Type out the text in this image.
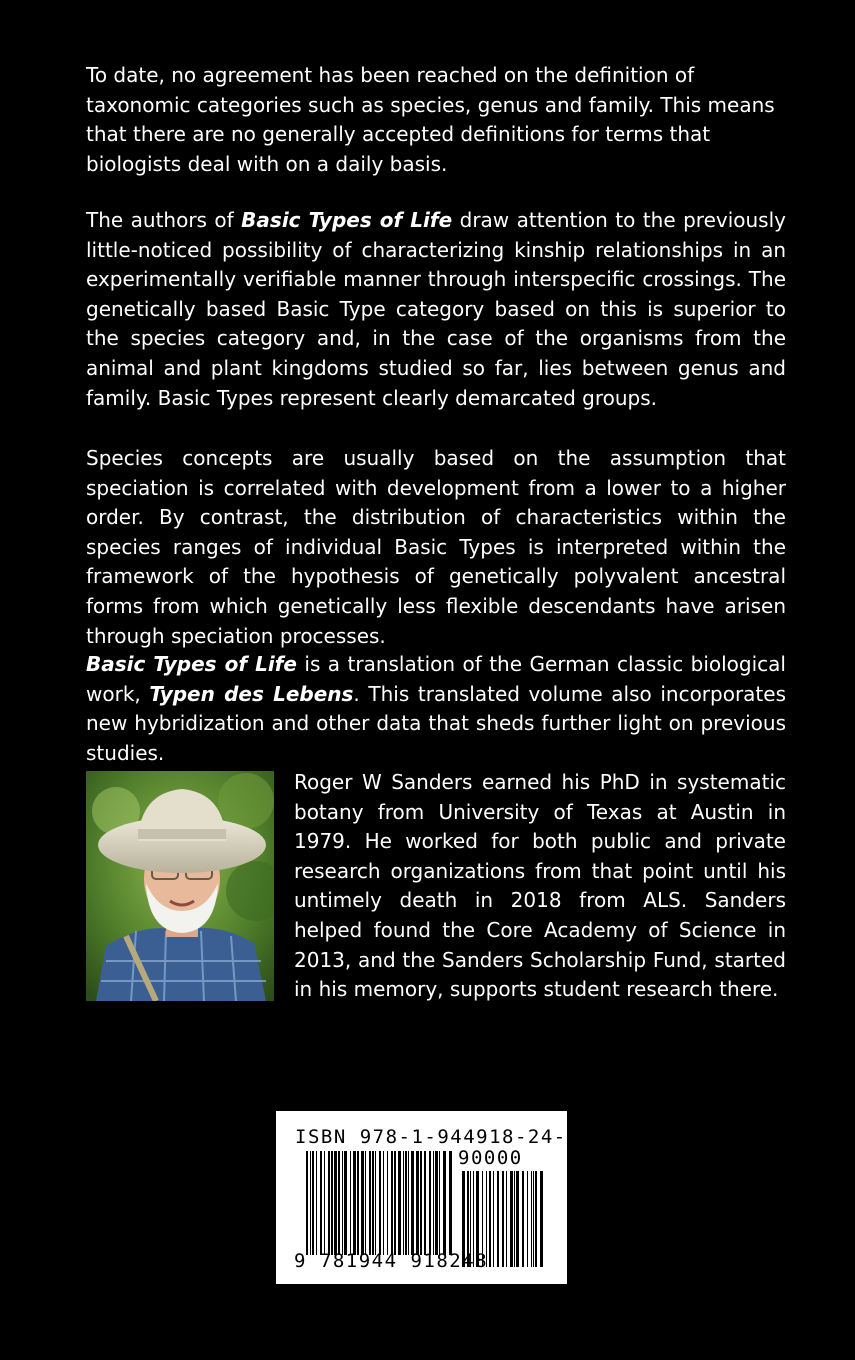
To date, no agreement has been reached on the definition of taxonomic categories such as species, genus and family. This means that there are no generally accepted definitions for terms that biologists deal with on a daily basis.
The authors of Basic Types of Life draw attention to the previously little-noticed possibility of characterizing kinship relationships in an experimentally verifiable manner through interspecific crossings. The genetically based Basic Type category based on this is superior to the species category and, in the case of the organisms from the animal and plant kingdoms studied so far, lies between genus and family. Basic Types represent clearly demarcated groups.
Species concepts are usually based on the assumption that speciation is correlated with development from a lower to a higher order. By contrast, the distribution of characteristics within the species ranges of individual Basic Types is interpreted within the framework of the hypothesis of genetically polyvalent ancestral forms from which genetically less flexible descendants have arisen through speciation processes.
Basic Types of Life is a translation of the German classic biological work, Typen des Lebens. This translated volume also incorporates new hybridization and other data that sheds further light on previous studies.
Roger W Sanders earned his PhD in systematic botany from University of Texas at Austin in 1979. He worked for both public and private research organizations from that point until his untimely death in 2018 from ALS. Sanders helped found the Core Academy of Science in 2013, and the Sanders Scholarship Fund, started in his memory, supports student research there.
ISBN 978-1-944918-24-8
90000
9 781944 918248
